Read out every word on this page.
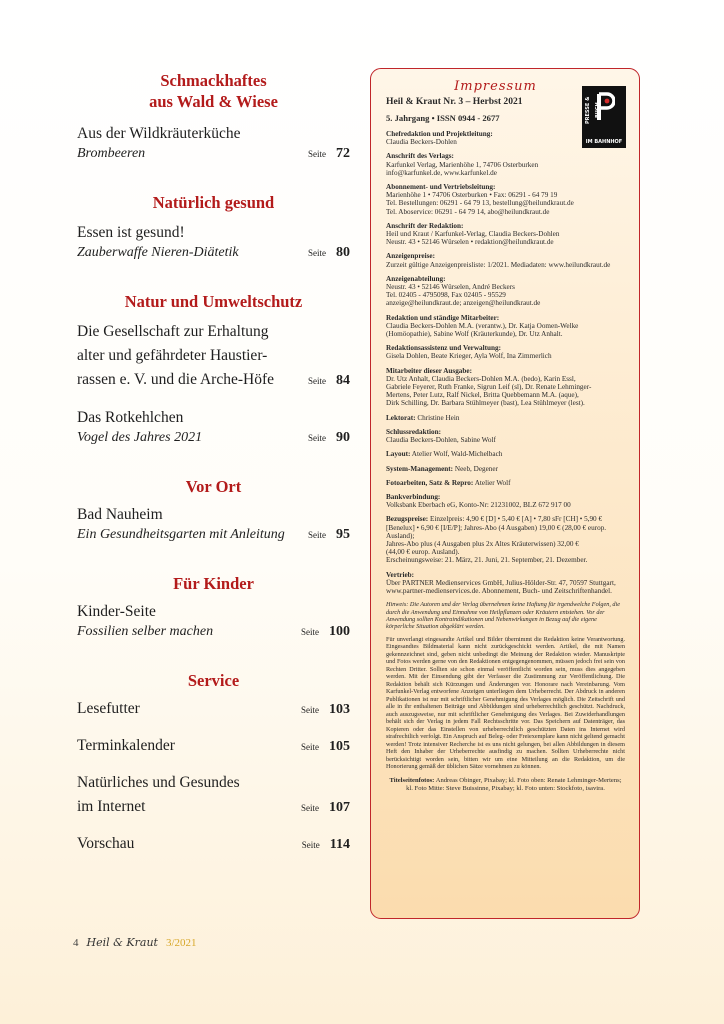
Schmackhaftes
aus Wald & Wiese
Aus der Wildkräuterküche
Brombeeren	Seite 72
Natürlich gesund
Essen ist gesund!
Zauberwaffe Nieren-Diätetik	Seite 80
Natur und Umweltschutz
Die Gesellschaft zur Erhaltung
alter und gefährdeter Haustier-
rassen e. V. und die Arche-Höfe	Seite 84
Das Rotkehlchen
Vogel des Jahres 2021	Seite 90
Vor Ort
Bad Nauheim
Ein Gesundheitsgarten mit Anleitung	Seite 95
Für Kinder
Kinder-Seite
Fossilien selber machen	Seite 100
Service
Lesefutter	Seite 103
Terminkalender	Seite 105
Natürliches und Gesundes
im Internet	Seite 107
Vorschau	Seite 114
Impressum
PRESSE &
IM BAHNHOF
Heil & Kraut Nr. 3 – Herbst 2021
5. Jahrgang • ISSN 0944 - 2677
Chefredaktion und Projektleitung:
Claudia Beckers-Dohlen
Anschrift des Verlags:
Karfunkel Verlag, Marienhöhe 1, 74706 Osterburken
info@karfunkel.de, www.karfunkel.de
Abonnement- und Vertriebsleitung:
Marienhöhe 1 • 74706 Osterburken • Fax: 06291 - 64 79 19
Tel. Bestellungen: 06291 - 64 79 13, bestellung@heilundkraut.de
Tel. Aboservice: 06291 - 64 79 14, abo@heilundkraut.de
Anschrift der Redaktion:
Heil und Kraut / Karfunkel-Verlag, Claudia Beckers-Dohlen
Neustr. 43 • 52146 Würselen • redaktion@heilundkraut.de
Anzeigenpreise:
Zurzeit gültige Anzeigenpreisliste: 1/2021. Mediadaten: www.heilundkraut.de
Anzeigenabteilung:
Neustr. 43 • 52146 Würselen, André Beckers
Tel. 02405 - 4795098, Fax 02405 - 95529
anzeige@heilundkraut.de; anzeigen@heilundkraut.de
Redaktion und ständige Mitarbeiter:
Claudia Beckers-Dohlen M.A. (verantw.), Dr. Katja Oomen-Welke
(Homöopathie), Sabine Wolf (Kräuterkunde), Dr. Utz Anhalt.
Redaktionsassistenz und Verwaltung:
Gisela Dohlen, Beate Krieger, Ayla Wolf, Ina Zimmerlich
Mitarbeiter dieser Ausgabe:
Dr. Utz Anhalt, Claudia Beckers-Dohlen M.A. (bedo), Karin Essl,
Gabriele Feyerer, Ruth Franke, Sigrun Leif (sl), Dr. Renate Lehminger-
Mertens, Peter Lutz, Ralf Nickel, Britta Quebbemann M.A. (aque),
Dirk Schilling, Dr. Barbara Stühlmeyer (bast), Lea Stühlmeyer (lest).
Lektorat: Christine Hein
Schlussredaktion:
Claudia Beckers-Dohlen, Sabine Wolf
Layout: Atelier Wolf, Wald-Michelbach
System-Management: Neeb, Degener
Fotoarbeiten, Satz & Repro: Atelier Wolf
Bankverbindung:
Volksbank Eberbach eG, Konto-Nr: 21231002, BLZ 672 917 00
Bezugspreise: Einzelpreis: 4,90 € [D] • 5,40 € [A] • 7,80 sFr [CH] • 5,90 € [Benelux] • 6,90 € [I/E/P]; Jahres-Abo (4 Ausgaben) 19,00 € (28,00 € europ. Ausland);
Jahres-Abo plus (4 Ausgaben plus 2x Altes Kräuterwissen) 32,00 €
(44,00 € europ. Ausland).
Erscheinungsweise: 21. März, 21. Juni, 21. September, 21. Dezember.
Vertrieb:
Über PARTNER Medienservices GmbH, Julius-Hölder-Str. 47, 70597 Stuttgart,
www.partner-medienservices.de. Abonnement, Buch- und Zeitschriftenhandel.
Hinweis: Die Autoren und der Verlag übernehmen keine Haftung für irgendwelche Folgen, die durch die Anwendung und Einnahme von Heilpflanzen oder Kräutern entstehen. Vor der Anwendung sollten Kontraindikationen und Nebenwirkungen in Bezug auf die eigene körperliche Situation abgeklärt werden.
Für unverlangt eingesandte Artikel und Bilder übernimmt die Redaktion keine Verantwortung. Eingesandtes Bildmaterial kann nicht zurückgeschickt werden. Artikel, die mit Namen gekennzeichnet sind, geben nicht unbedingt die Meinung der Redaktion wieder. Manuskripte und Fotos werden gerne von den Redaktionen entgegengenommen, müssen jedoch frei sein von Rechten Dritter. Sollten sie schon einmal veröffentlicht worden sein, muss dies angegeben werden. Mit der Einsendung gibt der Verfasser die Zustimmung zur Veröffentlichung. Die Redaktion behält sich Kürzungen und Änderungen vor. Honorare nach Vereinbarung. Vom Karfunkel-Verlag entworfene Anzeigen unterliegen dem Urheberrecht. Der Abdruck in anderen Publikationen ist nur mit schriftlicher Genehmigung des Verlages möglich. Die Zeitschrift und alle in ihr enthaltenen Beiträge und Abbildungen sind urheberrechtlich geschützt. Nachdruck, auch auszugsweise, nur mit schriftlicher Genehmigung des Verlages. Bei Zuwiderhandlungen behält sich der Verlag in jedem Fall Rechtsschritte vor. Das Speichern auf Datenträger, das Kopieren oder das Einstellen von urheberrechtlich geschützten Daten ins Internet wird strafrechtlich verfolgt. Ein Anspruch auf Beleg- oder Freiexemplare kann nicht geltend gemacht werden! Trotz intensiver Recherche ist es uns nicht gelungen, bei allen Abbildungen in diesem Heft den Inhaber der Urheberrechte ausfindig zu machen. Sollten Urheberrechte nicht berücksichtigt worden sein, bitten wir um eine Mitteilung an die Redaktion, um die Honorierung gemäß der üblichen Sätze vornehmen zu können.
Titelseitenfotos: Andreas Obinger, Pixabay; kl. Foto oben: Renate Lehminger-Mertens; kl. Foto Mitte: Steve Buissinne, Pixabay; kl. Foto unten: Stockfoto, isavira.
4 Heil & Kraut 3/2021
